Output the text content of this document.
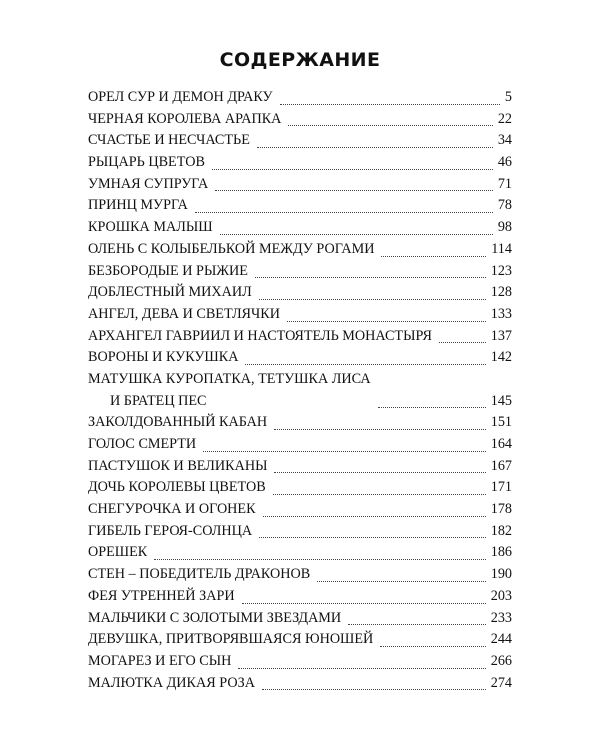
СОДЕРЖАНИЕ
ОРЕЛ СУР И ДЕМОН ДРАКУ	5
ЧЕРНАЯ КОРОЛЕВА АРАПКА	22
СЧАСТЬЕ И НЕСЧАСТЬЕ	34
РЫЦАРЬ ЦВЕТОВ	46
УМНАЯ СУПРУГА	71
ПРИНЦ МУРГА	78
КРОШКА МАЛЫШ	98
ОЛЕНЬ С КОЛЫБЕЛЬКОЙ МЕЖДУ РОГАМИ	114
БЕЗБОРОДЫЕ И РЫЖИЕ	123
ДОБЛЕСТНЫЙ МИХАИЛ	128
АНГЕЛ, ДЕВА И СВЕТЛЯЧКИ	133
АРХАНГЕЛ ГАВРИИЛ И НАСТОЯТЕЛЬ МОНАСТЫРЯ	137
ВОРОНЫ И КУКУШКА	142
МАТУШКА КУРОПАТКА, ТЕТУШКА ЛИСА
И БРАТЕЦ ПЕС	145
ЗАКОЛДОВАННЫЙ КАБАН	151
ГОЛОС СМЕРТИ	164
ПАСТУШОК И ВЕЛИКАНЫ	167
ДОЧЬ КОРОЛЕВЫ ЦВЕТОВ	171
СНЕГУРОЧКА И ОГОНЕК	178
ГИБЕЛЬ ГЕРОЯ-СОЛНЦА	182
ОРЕШЕК	186
СТЕН – ПОБЕДИТЕЛЬ ДРАКОНОВ	190
ФЕЯ УТРЕННЕЙ ЗАРИ	203
МАЛЬЧИКИ С ЗОЛОТЫМИ ЗВЕЗДАМИ	233
ДЕВУШКА, ПРИТВОРЯВШАЯСЯ ЮНОШЕЙ	244
МОГАРЕЗ И ЕГО СЫН	266
МАЛЮТКА ДИКАЯ РОЗА	274
